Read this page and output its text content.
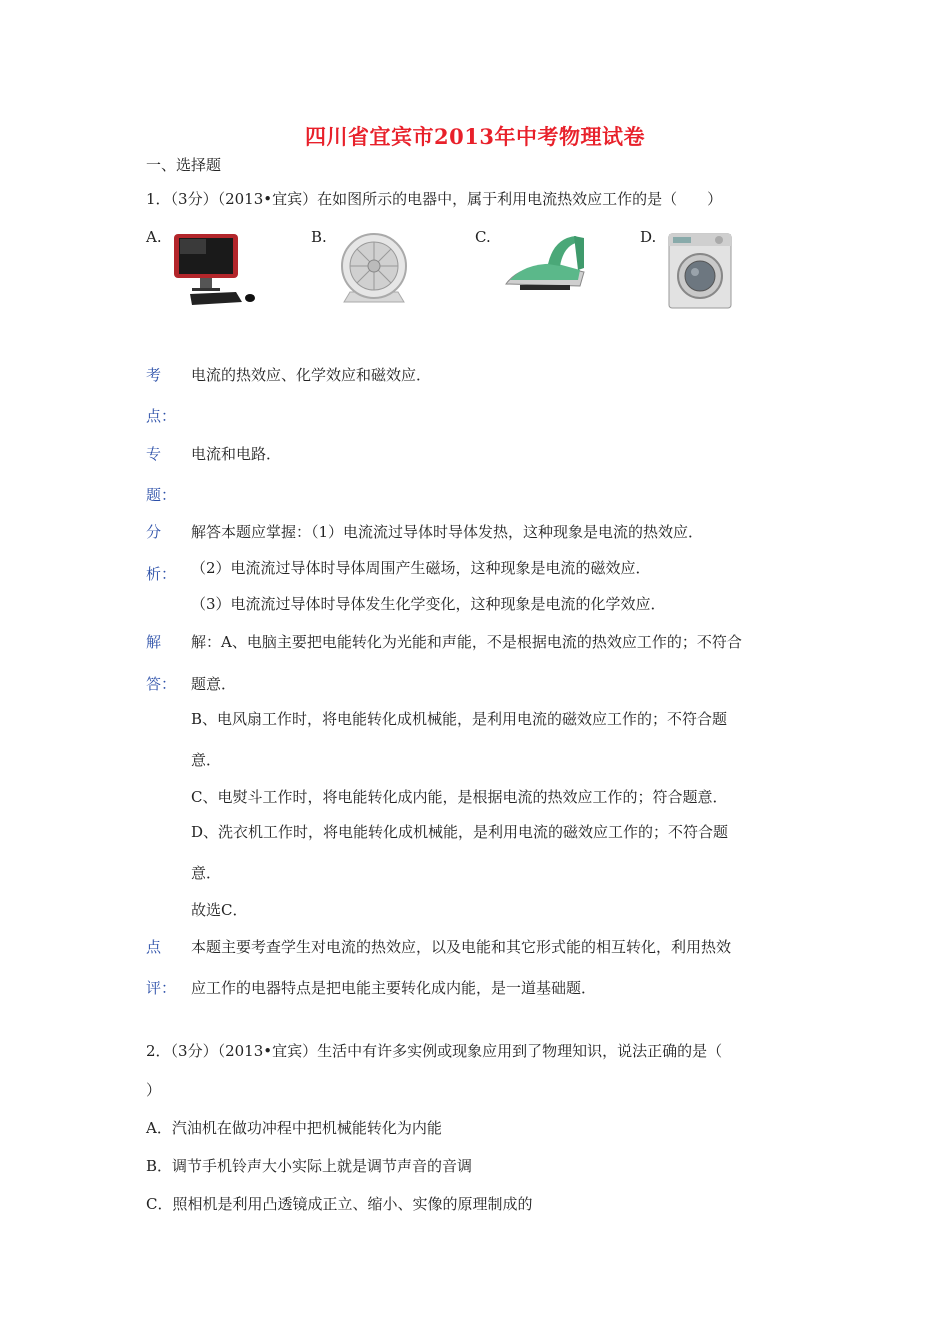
四川省宜宾市2013年中考物理试卷
一、选择题
1．（3分）（2013•宜宾）在如图所示的电器中，属于利用电流热效应工作的是（　　）
A.	B.	C.	D.
考
点：
电流的热效应、化学效应和磁效应．
专
题：
电流和电路．
分
析：
解答本题应掌握：（1）电流流过导体时导体发热，这种现象是电流的热效应．
（2）电流流过导体时导体周围产生磁场，这种现象是电流的磁效应．
（3）电流流过导体时导体发生化学变化，这种现象是电流的化学效应．
解
答：
解：A、电脑主要把电能转化为光能和声能，不是根据电流的热效应工作的；不符合
题意．
B、电风扇工作时，将电能转化成机械能，是利用电流的磁效应工作的；不符合题
意．
C、电熨斗工作时，将电能转化成内能，是根据电流的热效应工作的；符合题意．
D、洗衣机工作时，将电能转化成机械能，是利用电流的磁效应工作的；不符合题
意．
故选C．
点
评：
本题主要考查学生对电流的热效应，以及电能和其它形式能的相互转化，利用热效
应工作的电器特点是把电能主要转化成内能，是一道基础题．
2．（3分）（2013•宜宾）生活中有许多实例或现象应用到了物理知识，说法正确的是（
）
A．汽油机在做功冲程中把机械能转化为内能
B．调节手机铃声大小实际上就是调节声音的音调
C．照相机是利用凸透镜成正立、缩小、实像的原理制成的
